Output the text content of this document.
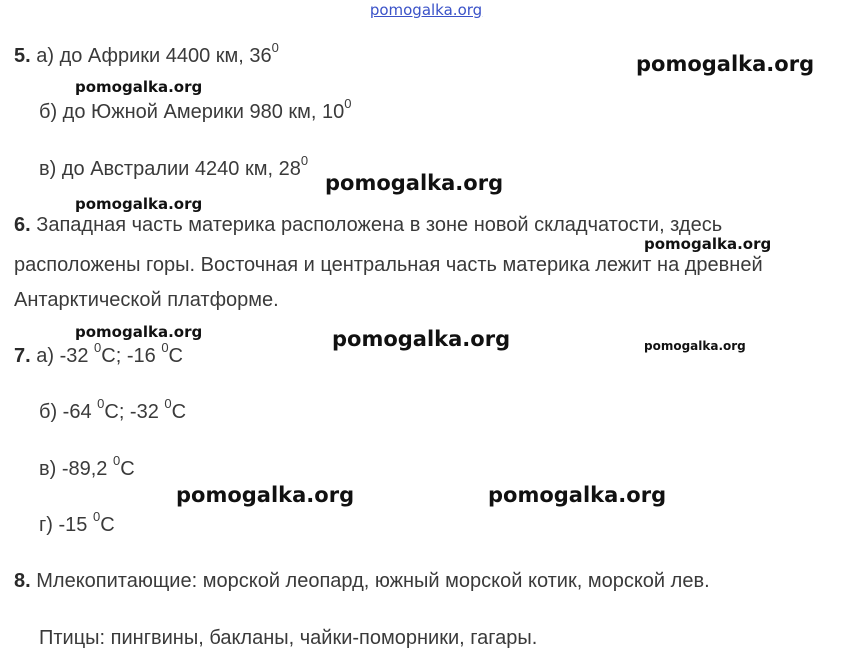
pomogalka.org
5. а) до Африки 4400 км, $36^0$
б) до Южной Америки 980 км, $10^0$
в) до Австралии 4240 км, $28^0$
6. Западная часть материка расположена в зоне новой складчатости, здесь
расположены горы. Восточная и центральная часть материка лежит на древней
Антарктической платформе.
7. а) -32 $^0$С; -16 $^0$С
б) -64 $^0$С; -32 $^0$С
в) -89,2 $^0$С
г) -15 $^0$С
8. Млекопитающие: морской леопард, южный морской котик, морской лев.
Птицы: пингвины, бакланы, чайки-поморники, гагары.
pomogalka.org
pomogalka.org
pomogalka.org
pomogalka.org
pomogalka.org
pomogalka.org	pomogalka.org	pomogalka.org
pomogalka.org	pomogalka.org
